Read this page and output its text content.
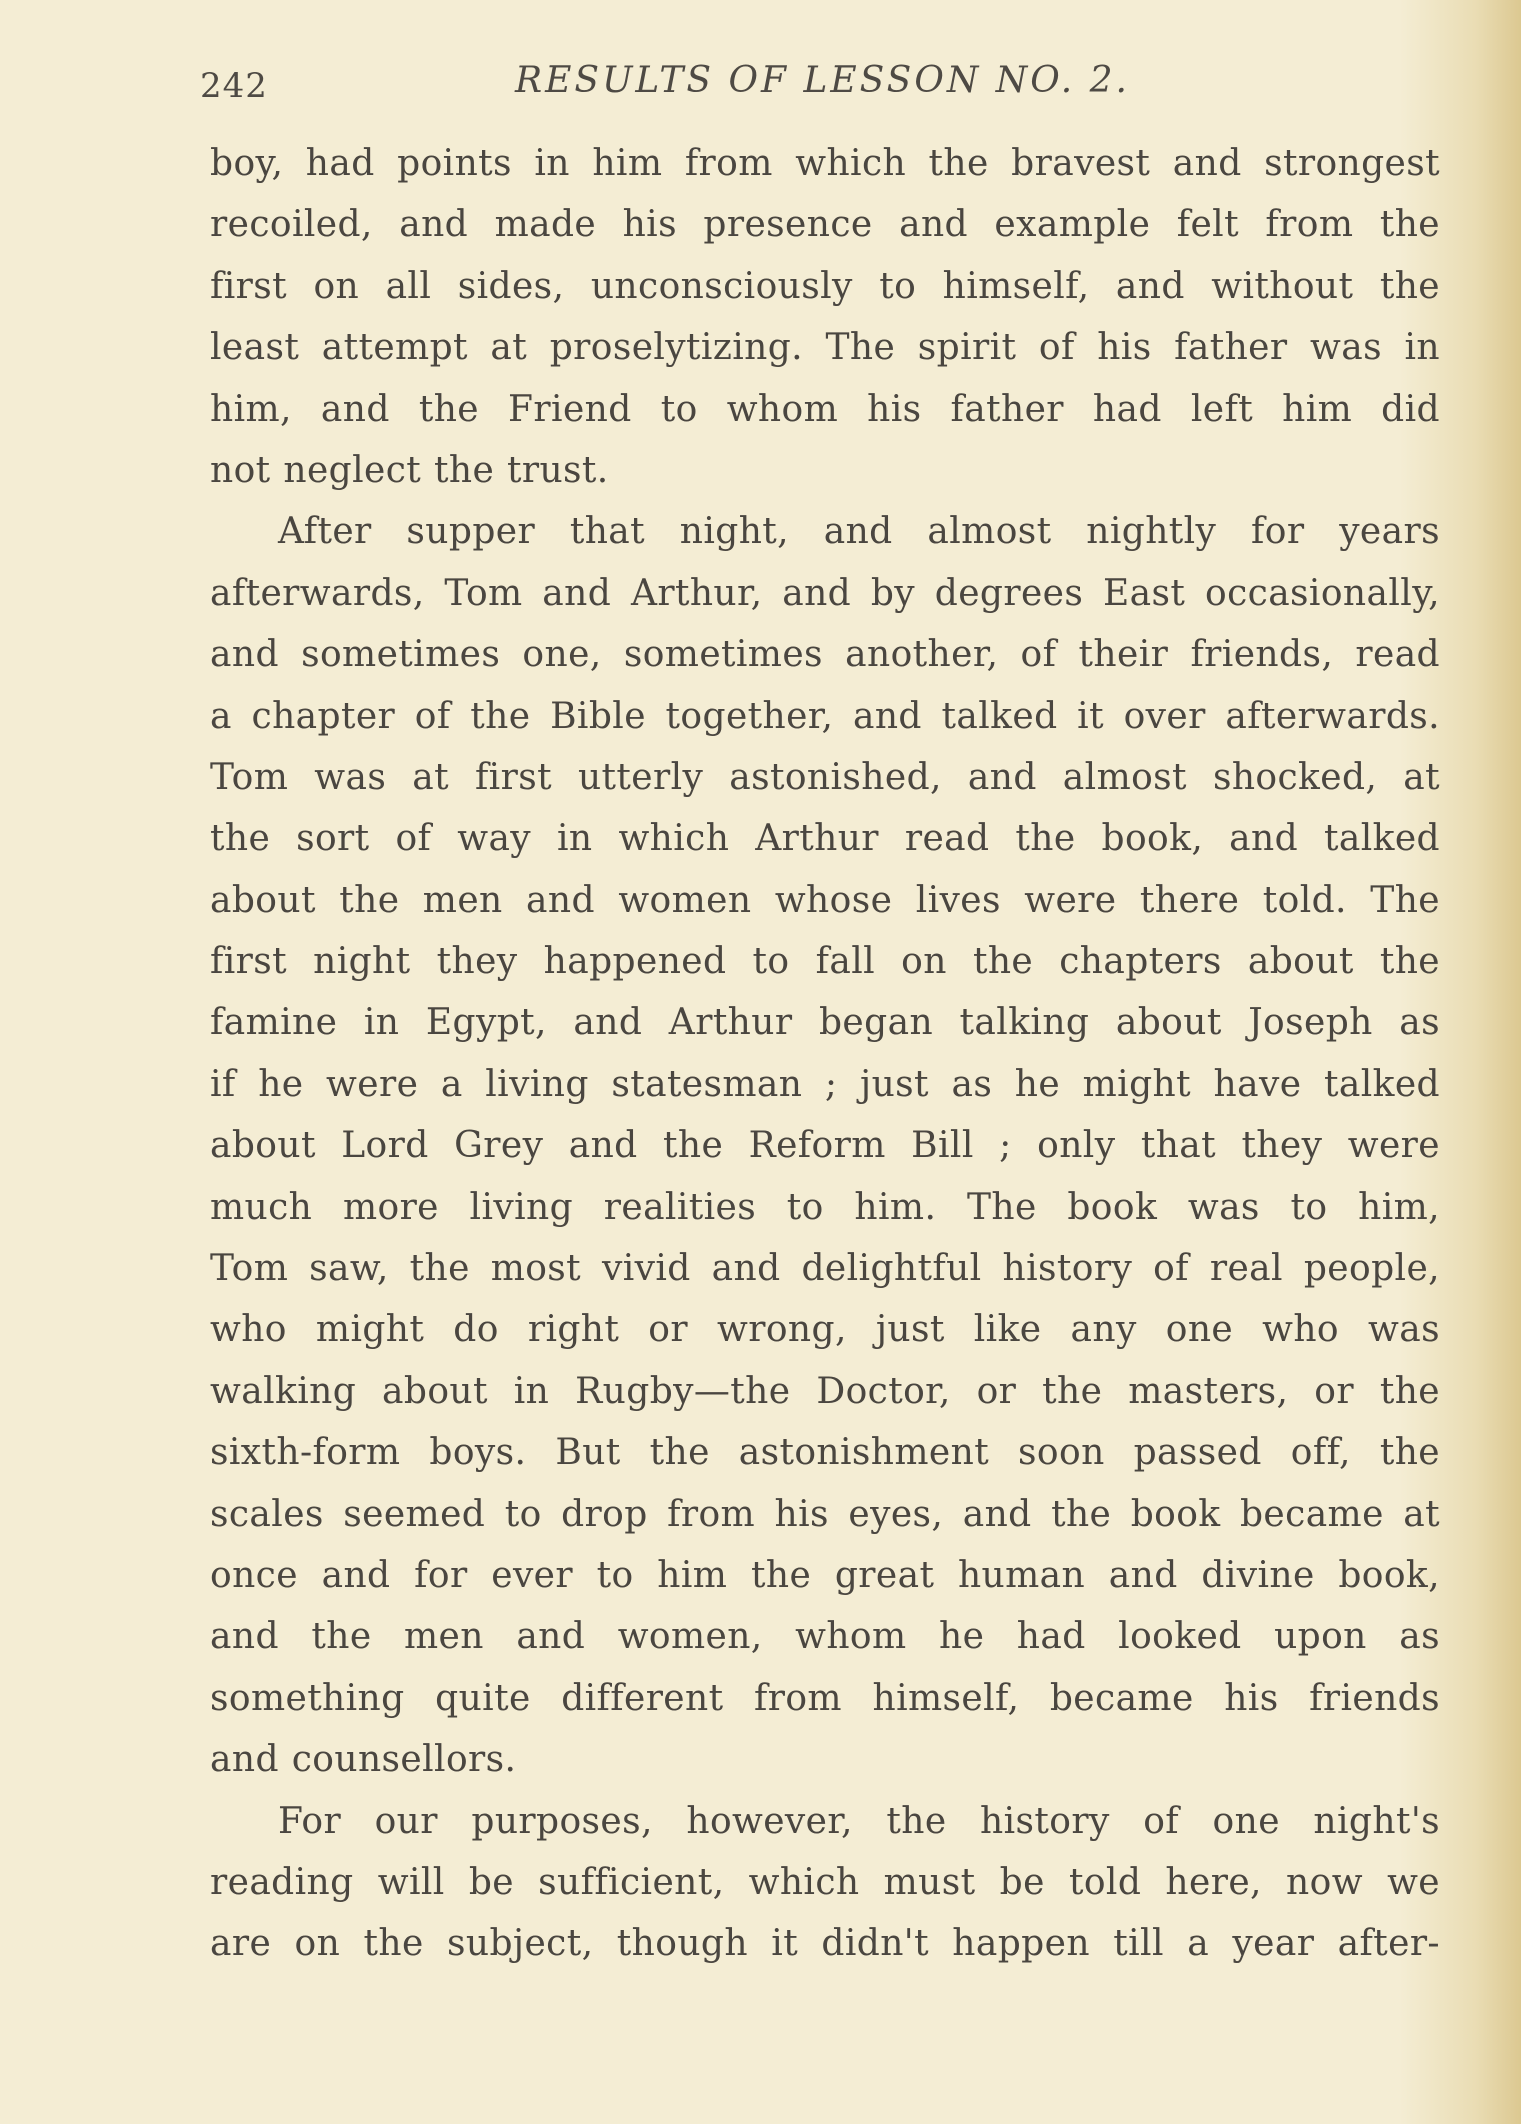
242	RESULTS OF LESSON NO. 2.
boy, had points in him from which the bravest and strongest
recoiled, and made his presence and example felt from the
first on all sides, unconsciously to himself, and without the
least attempt at proselytizing. The spirit of his father was in
him, and the Friend to whom his father had left him did
not neglect the trust.
After supper that night, and almost nightly for years
afterwards, Tom and Arthur, and by degrees East occasionally,
and sometimes one, sometimes another, of their friends, read
a chapter of the Bible together, and talked it over afterwards.
Tom was at first utterly astonished, and almost shocked, at
the sort of way in which Arthur read the book, and talked
about the men and women whose lives were there told. The
first night they happened to fall on the chapters about the
famine in Egypt, and Arthur began talking about Joseph as
if he were a living statesman ; just as he might have talked
about Lord Grey and the Reform Bill ; only that they were
much more living realities to him. The book was to him,
Tom saw, the most vivid and delightful history of real people,
who might do right or wrong, just like any one who was
walking about in Rugby—the Doctor, or the masters, or the
sixth-form boys. But the astonishment soon passed off, the
scales seemed to drop from his eyes, and the book became at
once and for ever to him the great human and divine book,
and the men and women, whom he had looked upon as
something quite different from himself, became his friends
and counsellors.
For our purposes, however, the history of one night's
reading will be sufficient, which must be told here, now we
are on the subject, though it didn't happen till a year after-
